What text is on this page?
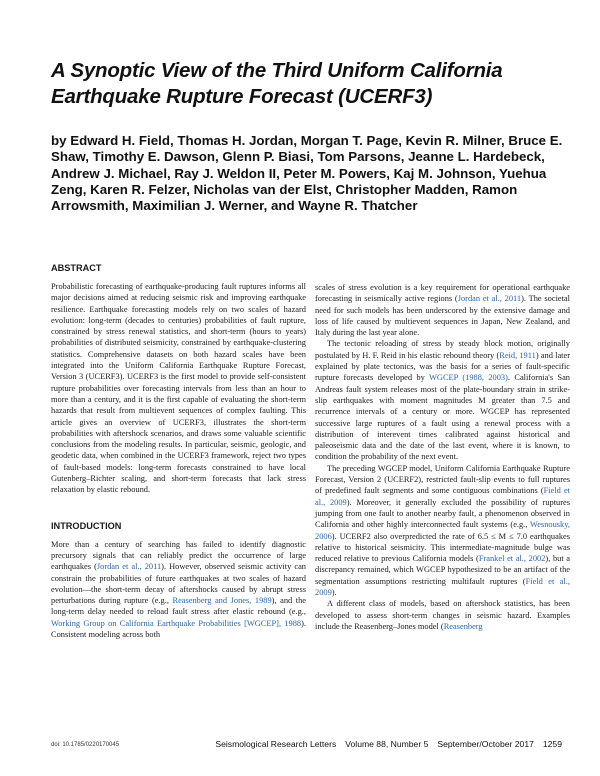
A Synoptic View of the Third Uniform California Earthquake Rupture Forecast (UCERF3)
by Edward H. Field, Thomas H. Jordan, Morgan T. Page, Kevin R. Milner, Bruce E. Shaw, Timothy E. Dawson, Glenn P. Biasi, Tom Parsons, Jeanne L. Hardebeck, Andrew J. Michael, Ray J. Weldon II, Peter M. Powers, Kaj M. Johnson, Yuehua Zeng, Karen R. Felzer, Nicholas van der Elst, Christopher Madden, Ramon Arrowsmith, Maximilian J. Werner, and Wayne R. Thatcher
ABSTRACT

Probabilistic forecasting of earthquake-producing fault ruptures informs all major decisions aimed at reducing seismic risk and improving earthquake resilience. Earthquake forecasting models rely on two scales of hazard evolution: long-term (decades to centuries) probabilities of fault rupture, constrained by stress renewal statistics, and short-term (hours to years) probabilities of distributed seismicity, constrained by earthquake-clustering statistics. Comprehensive datasets on both hazard scales have been integrated into the Uniform California Earthquake Rupture Forecast, Version 3 (UCERF3). UCERF3 is the first model to provide self-consistent rupture probabilities over forecasting intervals from less than an hour to more than a century, and it is the first capable of evaluating the short-term hazards that result from multievent sequences of complex faulting. This article gives an overview of UCERF3, illustrates the short-term probabilities with aftershock scenarios, and draws some valuable scientific conclusions from the modeling results. In particular, seismic, geologic, and geodetic data, when combined in the UCERF3 framework, reject two types of fault-based models: long-term forecasts constrained to have local Gutenberg–Richter scaling, and short-term forecasts that lack stress relaxation by elastic rebound.

INTRODUCTION

More than a century of searching has failed to identify diagnostic precursory signals that can reliably predict the occurrence of large earthquakes (Jordan et al., 2011). However, observed seismic activity can constrain the probabilities of future earthquakes at two scales of hazard evolution—the short-term decay of aftershocks caused by abrupt stress perturbations during rupture (e.g., Reasenberg and Jones, 1989), and the long-term delay needed to reload fault stress after elastic rebound (e.g., Working Group on California Earthquake Probabilities [WGCEP], 1988). Consistent modeling across both

scales of stress evolution is a key requirement for operational earthquake forecasting in seismically active regions (Jordan et al., 2011). The societal need for such models has been underscored by the extensive damage and loss of life caused by multievent sequences in Japan, New Zealand, and Italy during the last year alone.

The tectonic reloading of stress by steady block motion, originally postulated by H. F. Reid in his elastic rebound theory (Reid, 1911) and later explained by plate tectonics, was the basis for a series of fault-specific rupture forecasts developed by WGCEP (1988, 2003). California's San Andreas fault system releases most of the plate-boundary strain in strike-slip earthquakes with moment magnitudes M greater than 7.5 and recurrence intervals of a century or more. WGCEP has represented successive large ruptures of a fault using a renewal process with a distribution of interevent times calibrated against historical and paleoseismic data and the date of the last event, where it is known, to condition the probability of the next event.

The preceding WGCEP model, Uniform California Earthquake Rupture Forecast, Version 2 (UCERF2), restricted fault-slip events to full ruptures of predefined fault segments and some contiguous combinations (Field et al., 2009). Moreover, it generally excluded the possibility of ruptures jumping from one fault to another nearby fault, a phenomenon observed in California and other highly interconnected fault systems (e.g., Wesnousky, 2006). UCERF2 also overpredicted the rate of 6.5 ≤ M ≤ 7.0 earthquakes relative to historical seismicity. This intermediate-magnitude bulge was reduced relative to previous California models (Frankel et al., 2002), but a discrepancy remained, which WGCEP hypothesized to be an artifact of the segmentation assumptions restricting multifault ruptures (Field et al., 2009).

A different class of models, based on aftershock statistics, has been developed to assess short-term changes in seismic hazard. Examples include the Reasenberg–Jones model (Reasenberg

doi: 10.1785/0220170045	Seismological Research Letters Volume 88, Number 5 September/October 2017 1259
